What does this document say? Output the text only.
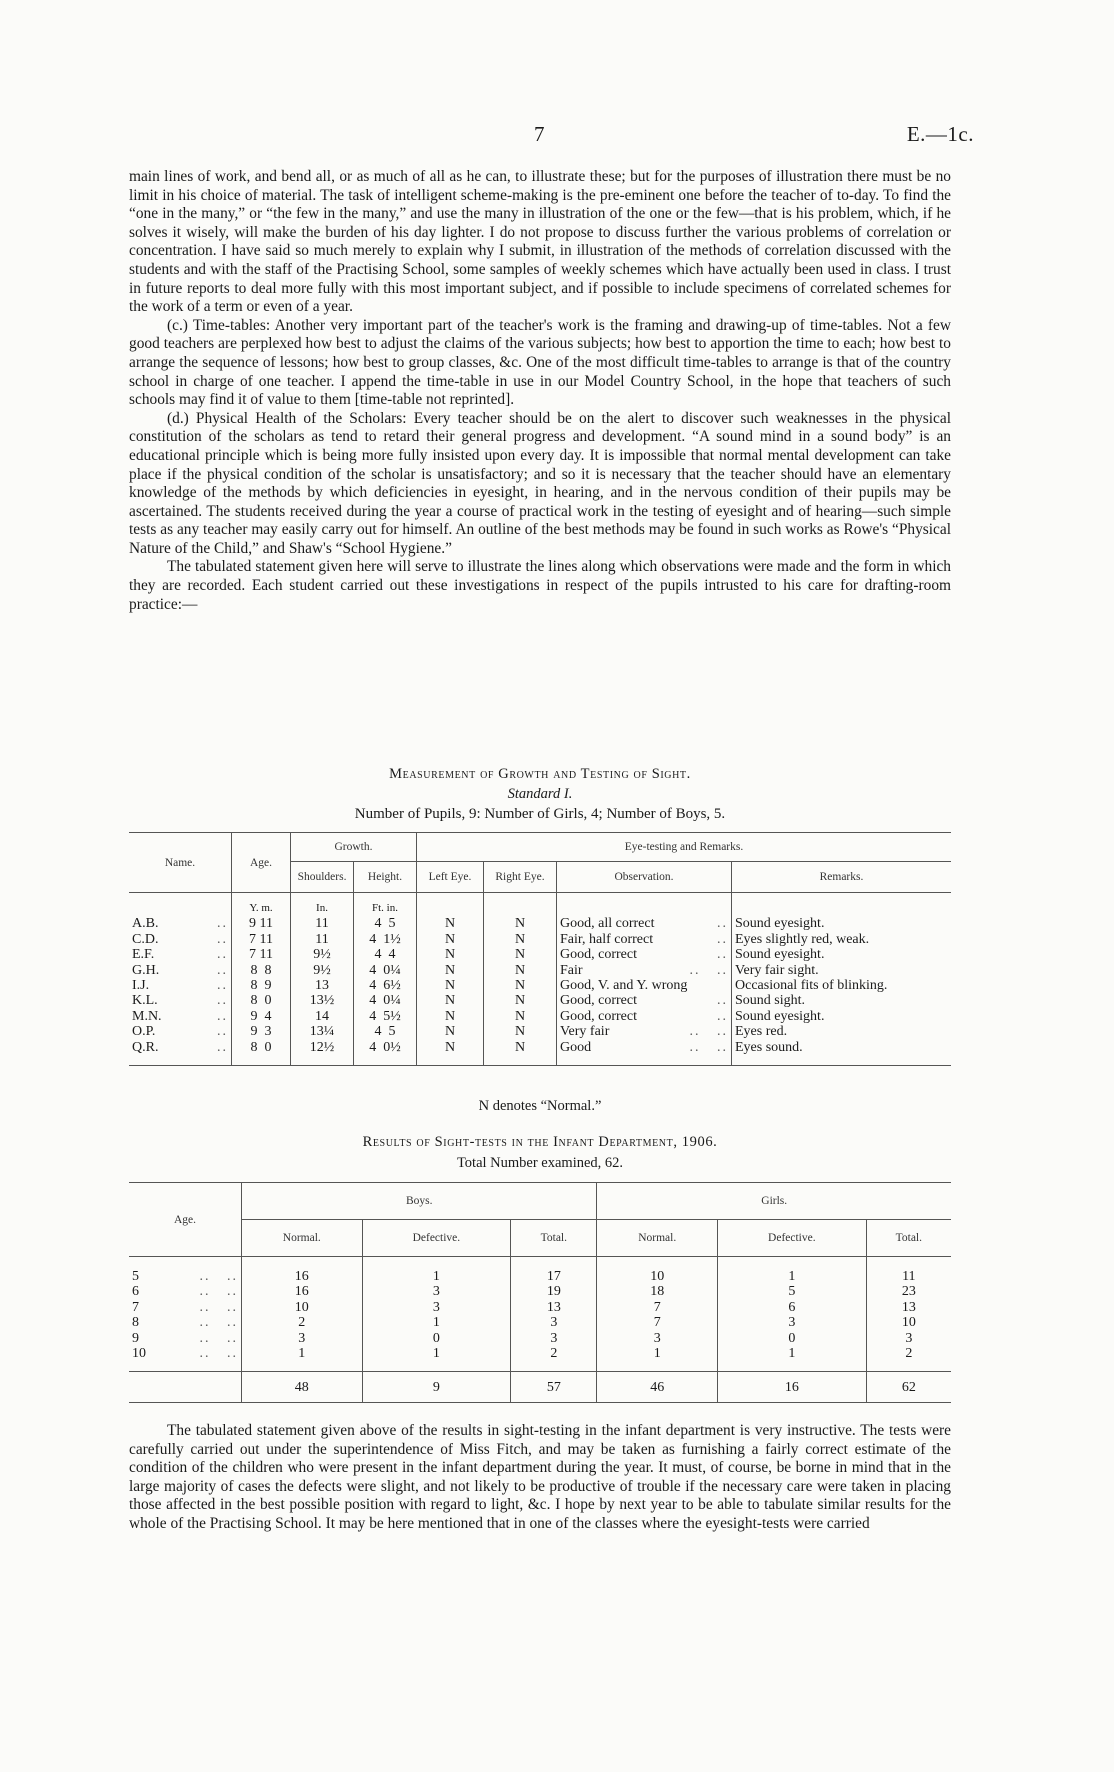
7	E.—1c.

main lines of work, and bend all, or as much of all as he can, to illustrate these; but for the purposes of illustration there must be no limit in his choice of material. The task of intelligent scheme-making is the pre-eminent one before the teacher of to-day. To find the “one in the many,” or “the few in the many,” and use the many in illustration of the one or the few—that is his problem, which, if he solves it wisely, will make the burden of his day lighter. I do not propose to discuss further the various problems of correlation or concentration. I have said so much merely to explain why I submit, in illustration of the methods of correlation discussed with the students and with the staff of the Practising School, some samples of weekly schemes which have actually been used in class. I trust in future reports to deal more fully with this most important subject, and if possible to include specimens of correlated schemes for the work of a term or even of a year.

(c.) Time-tables: Another very important part of the teacher's work is the framing and drawing-up of time-tables. Not a few good teachers are perplexed how best to adjust the claims of the various subjects; how best to apportion the time to each; how best to arrange the sequence of lessons; how best to group classes, &c. One of the most difficult time-tables to arrange is that of the country school in charge of one teacher. I append the time-table in use in our Model Country School, in the hope that teachers of such schools may find it of value to them [time-table not reprinted].

(d.) Physical Health of the Scholars: Every teacher should be on the alert to discover such weaknesses in the physical constitution of the scholars as tend to retard their general progress and development. “A sound mind in a sound body” is an educational principle which is being more fully insisted upon every day. It is impossible that normal mental development can take place if the physical condition of the scholar is unsatisfactory; and so it is necessary that the teacher should have an elementary knowledge of the methods by which deficiencies in eyesight, in hearing, and in the nervous condition of their pupils may be ascertained. The students received during the year a course of practical work in the testing of eyesight and of hearing—such simple tests as any teacher may easily carry out for himself. An outline of the best methods may be found in such works as Rowe's “Physical Nature of the Child,” and Shaw's “School Hygiene.”

The tabulated statement given here will serve to illustrate the lines along which observations were made and the form in which they are recorded. Each student carried out these investigations in respect of the pupils intrusted to his care for drafting-room practice:—

Measurement of Growth and Testing of Sight.
Standard I.
Number of Pupils, 9: Number of Girls, 4; Number of Boys, 5.
Name.	Age.	Growth.		Eye-testing and Remarks.			
		Shoulders.	Height.	Left Eye.	Right Eye.	Observation.	Remarks.
	Y. m.	In.	Ft. in.				
A.B. ..	9 11	11	4  5	N	N	Good, all correct ..	Sound eyesight.
C.D. ..	7 11	11	4  1½	N	N	Fair, half correct ..	Eyes slightly red, weak.
E.F. ..	7 11	9½	4  4	N	N	Good, correct ..	Sound eyesight.
G.H. ..	8  8	9½	4  0¼	N	N	Fair ..   ..	Very fair sight.
I.J. ..	8  9	13	4  6½	N	N	Good, V. and Y. wrong	Occasional fits of blinking.
K.L. ..	8  0	13½	4  0¼	N	N	Good, correct ..	Sound sight.
M.N. ..	9  4	14	4  5½	N	N	Good, correct ..	Sound eyesight.
O.P. ..	9  3	13¼	4  5	N	N	Very fair ..   ..	Eyes red.
Q.R. ..	8  0	12½	4  0½	N	N	Good ..   ..	Eyes sound.

N denotes “Normal.”
Results of Sight-tests in the Infant Department, 1906.
Total Number examined, 62.
Age.	Boys.			Girls.		
	Normal.	Defective.	Total.	Normal.	Defective.	Total.

5 ..   ..	16	1	17	10	1	11
6 ..   ..	16	3	19	18	5	23
7 ..   ..	10	3	13	7	6	13
8 ..   ..	2	1	3	7	3	10
9 ..   ..	3	0	3	3	0	3
10 ..   ..	1	1	2	1	1	2

	48	9	57	46	16	62

The tabulated statement given above of the results in sight-testing in the infant department is very instructive. The tests were carefully carried out under the superintendence of Miss Fitch, and may be taken as furnishing a fairly correct estimate of the condition of the children who were present in the infant department during the year. It must, of course, be borne in mind that in the large majority of cases the defects were slight, and not likely to be productive of trouble if the necessary care were taken in placing those affected in the best possible position with regard to light, &c. I hope by next year to be able to tabulate similar results for the whole of the Practising School. It may be here mentioned that in one of the classes where the eyesight-tests were carried
